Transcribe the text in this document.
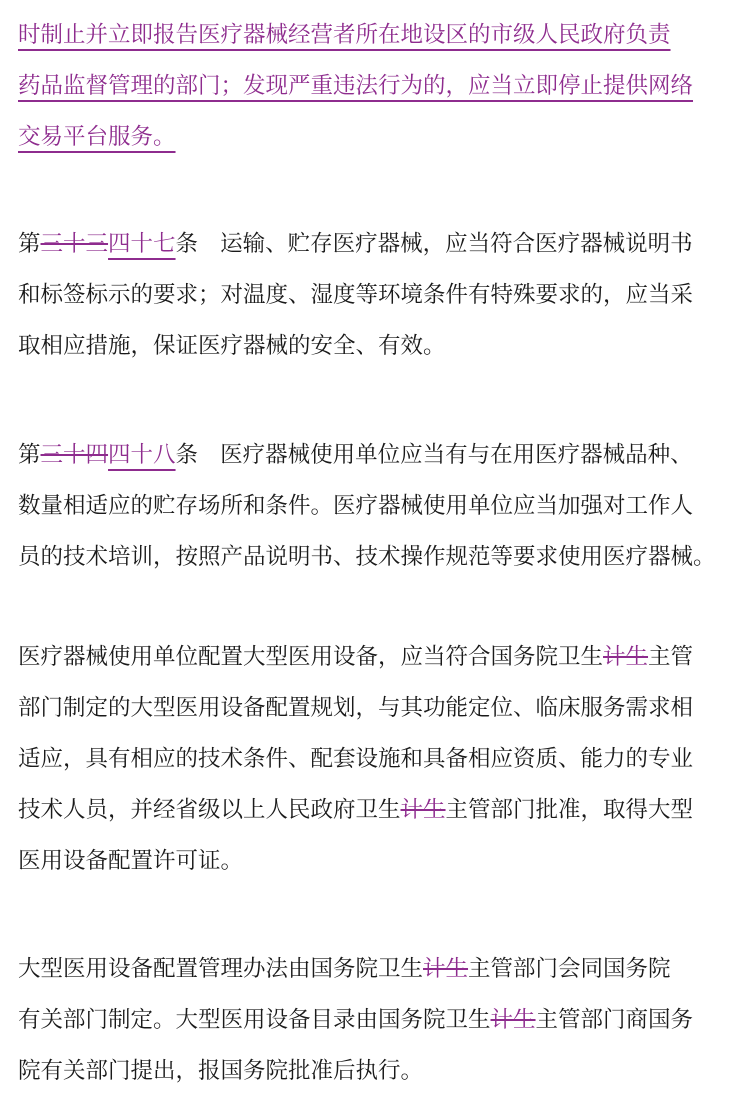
时制止并立即报告医疗器械经营者所在地设区的市级人民政府负责
药品监督管理的部门；发现严重违法行为的，应当立即停止提供网络
交易平台服务。
第三十三四十七条 运输、贮存医疗器械，应当符合医疗器械说明书
和标签标示的要求；对温度、湿度等环境条件有特殊要求的，应当采
取相应措施，保证医疗器械的安全、有效。
第三十四四十八条 医疗器械使用单位应当有与在用医疗器械品种、
数量相适应的贮存场所和条件。医疗器械使用单位应当加强对工作人
员的技术培训，按照产品说明书、技术操作规范等要求使用医疗器械。
医疗器械使用单位配置大型医用设备，应当符合国务院卫生计生主管
部门制定的大型医用设备配置规划，与其功能定位、临床服务需求相
适应，具有相应的技术条件、配套设施和具备相应资质、能力的专业
技术人员，并经省级以上人民政府卫生计生主管部门批准，取得大型
医用设备配置许可证。
大型医用设备配置管理办法由国务院卫生计生主管部门会同国务院
有关部门制定。大型医用设备目录由国务院卫生计生主管部门商国务
院有关部门提出，报国务院批准后执行。
